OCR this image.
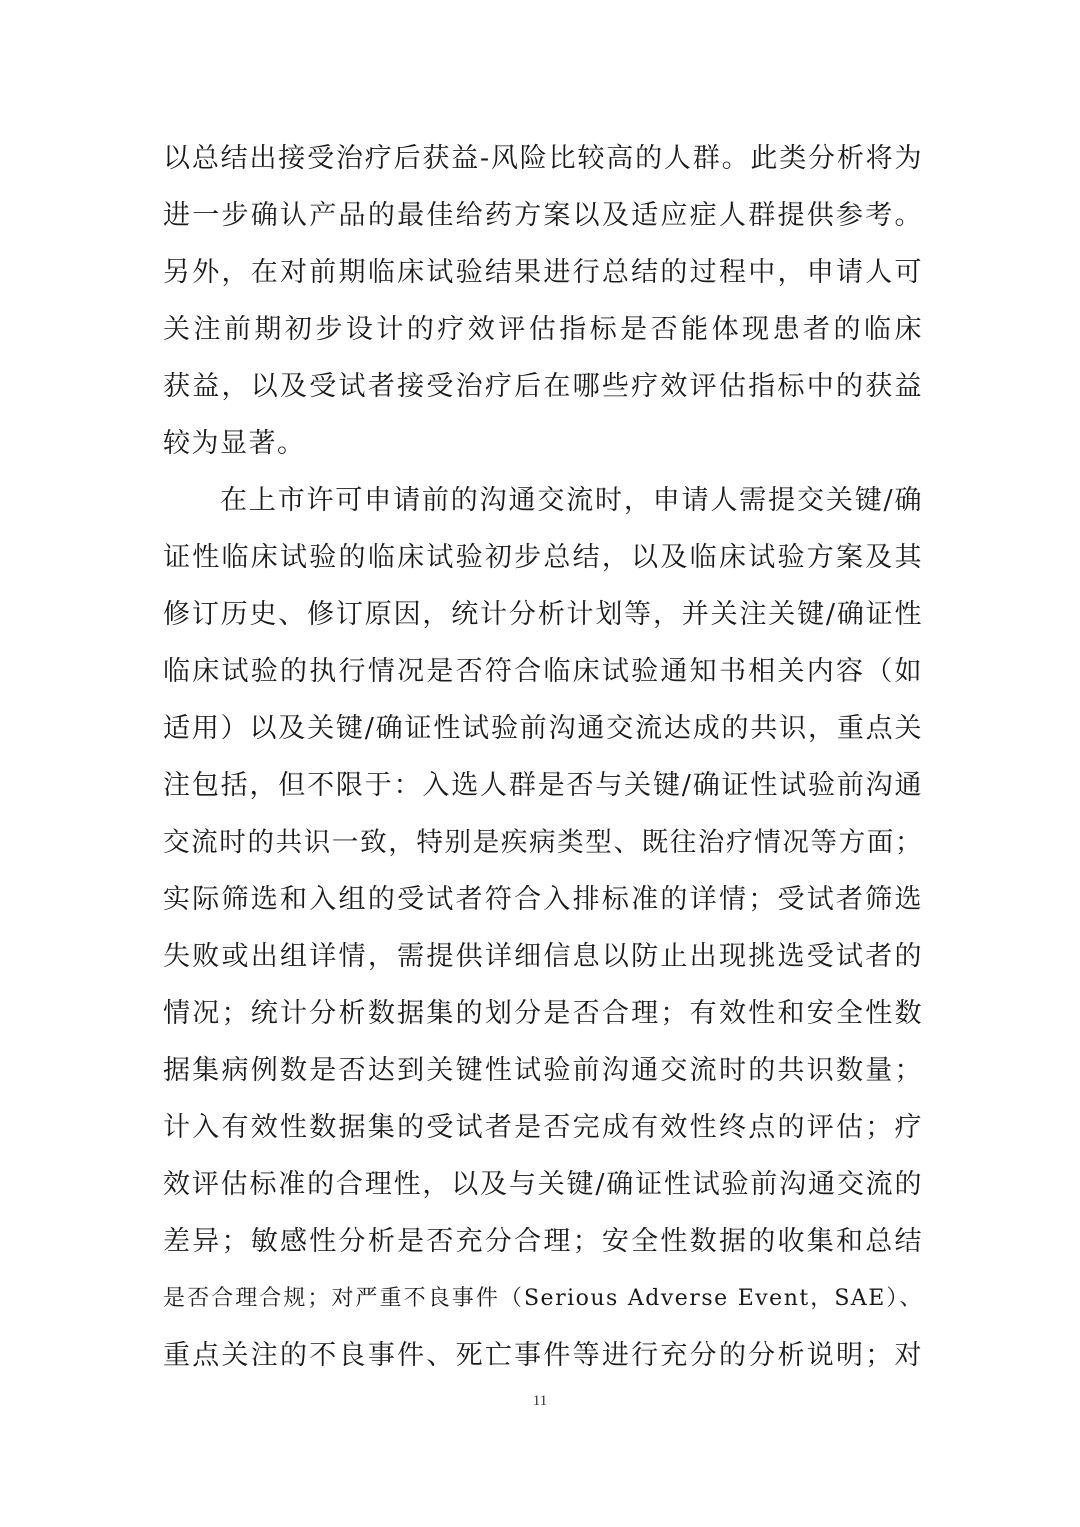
以总结出接受治疗后获益-风险比较高的人群。此类分析将为
进一步确认产品的最佳给药方案以及适应症人群提供参考。
另外，在对前期临床试验结果进行总结的过程中，申请人可
关注前期初步设计的疗效评估指标是否能体现患者的临床
获益，以及受试者接受治疗后在哪些疗效评估指标中的获益
较为显著。
在上市许可申请前的沟通交流时，申请人需提交关键/确
证性临床试验的临床试验初步总结，以及临床试验方案及其
修订历史、修订原因，统计分析计划等，并关注关键/确证性
临床试验的执行情况是否符合临床试验通知书相关内容（如
适用）以及关键/确证性试验前沟通交流达成的共识，重点关
注包括，但不限于：入选人群是否与关键/确证性试验前沟通
交流时的共识一致，特别是疾病类型、既往治疗情况等方面；
实际筛选和入组的受试者符合入排标准的详情；受试者筛选
失败或出组详情，需提供详细信息以防止出现挑选受试者的
情况；统计分析数据集的划分是否合理；有效性和安全性数
据集病例数是否达到关键性试验前沟通交流时的共识数量；
计入有效性数据集的受试者是否完成有效性终点的评估；疗
效评估标准的合理性，以及与关键/确证性试验前沟通交流的
差异；敏感性分析是否充分合理；安全性数据的收集和总结
是否合理合规；对严重不良事件（Serious Adverse Event，SAE）、
重点关注的不良事件、死亡事件等进行充分的分析说明；对
11
